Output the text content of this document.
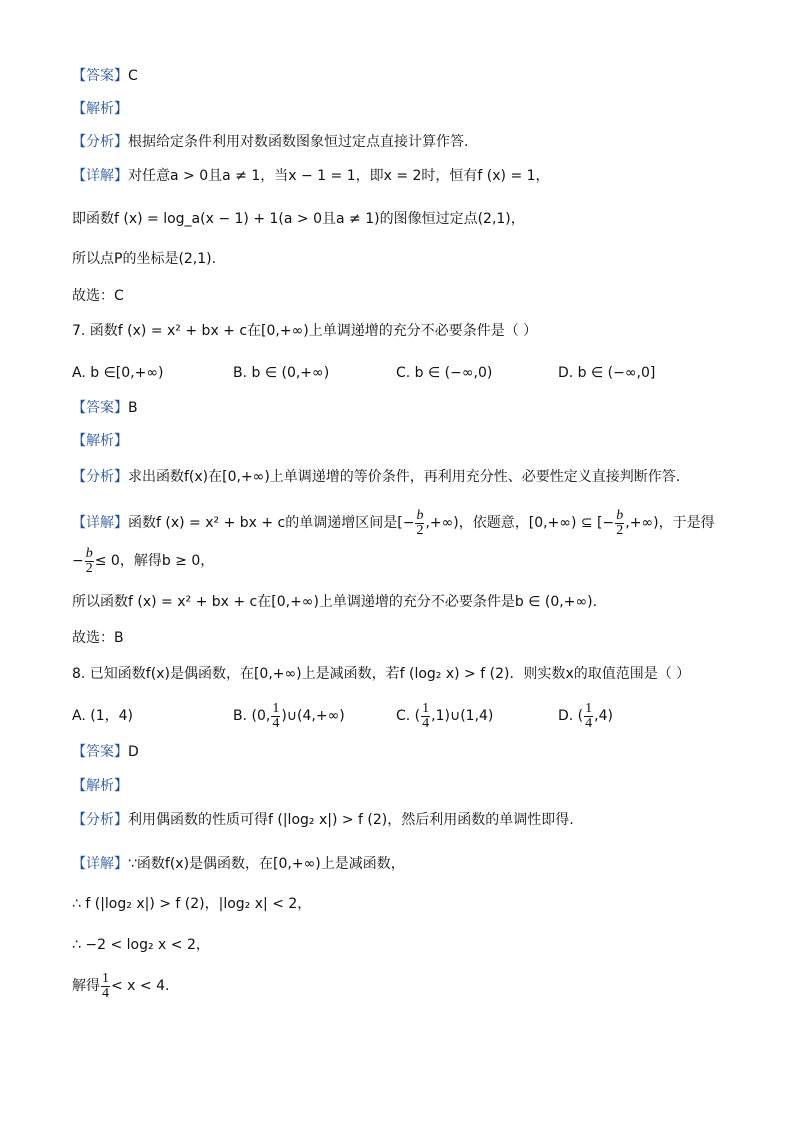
【答案】C
【解析】
【分析】根据给定条件利用对数函数图象恒过定点直接计算作答.
【详解】对任意a > 0且a ≠ 1，当x − 1 = 1，即x = 2时，恒有f (x) = 1，
即函数f (x) = log_a(x − 1) + 1(a > 0且a ≠ 1)的图像恒过定点(2,1)，
所以点P的坐标是(2,1).
故选：C
7. 函数f (x) = x² + bx + c在[0,+∞)上单调递增的充分不必要条件是（ ）
A. b ∈[0,+∞)	B. b ∈ (0,+∞)	C. b ∈ (−∞,0)	D. b ∈ (−∞,0]
【答案】B
【解析】
【分析】求出函数f(x)在[0,+∞)上单调递增的等价条件，再利用充分性、必要性定义直接判断作答.
【详解】函数f (x) = x² + bx + c的单调递增区间是[− $\frac{b}{2}$ ,+∞)，依题意，[0,+∞) ⊆ [− $\frac{b}{2}$ ,+∞)，于是得
− $\frac{b}{2} \le 0$，解得b ≥ 0，
所以函数f (x) = x² + bx + c在[0,+∞)上单调递增的充分不必要条件是b ∈ (0,+∞).
故选：B
8. 已知函数f(x)是偶函数，在[0,+∞)上是减函数，若f (log₂ x) > f (2)．则实数x的取值范围是（ ）
A. (1，4)	B. (0, $\frac{1}{4}$ )∪(4,+∞)	C. ( $\frac{1}{4}$ ,1)∪(1,4)	D. ( $\frac{1}{4} ,4$)
【答案】D
【解析】
【分析】利用偶函数的性质可得f (|log₂ x|) > f (2)，然后利用函数的单调性即得.
【详解】∵函数f(x)是偶函数，在[0,+∞)上是减函数，
∴ f (|log₂ x|) > f (2)，|log₂ x| < 2，
∴ −2 < log₂ x < 2，
解得 $\frac{1}{4} < x < 4$.
